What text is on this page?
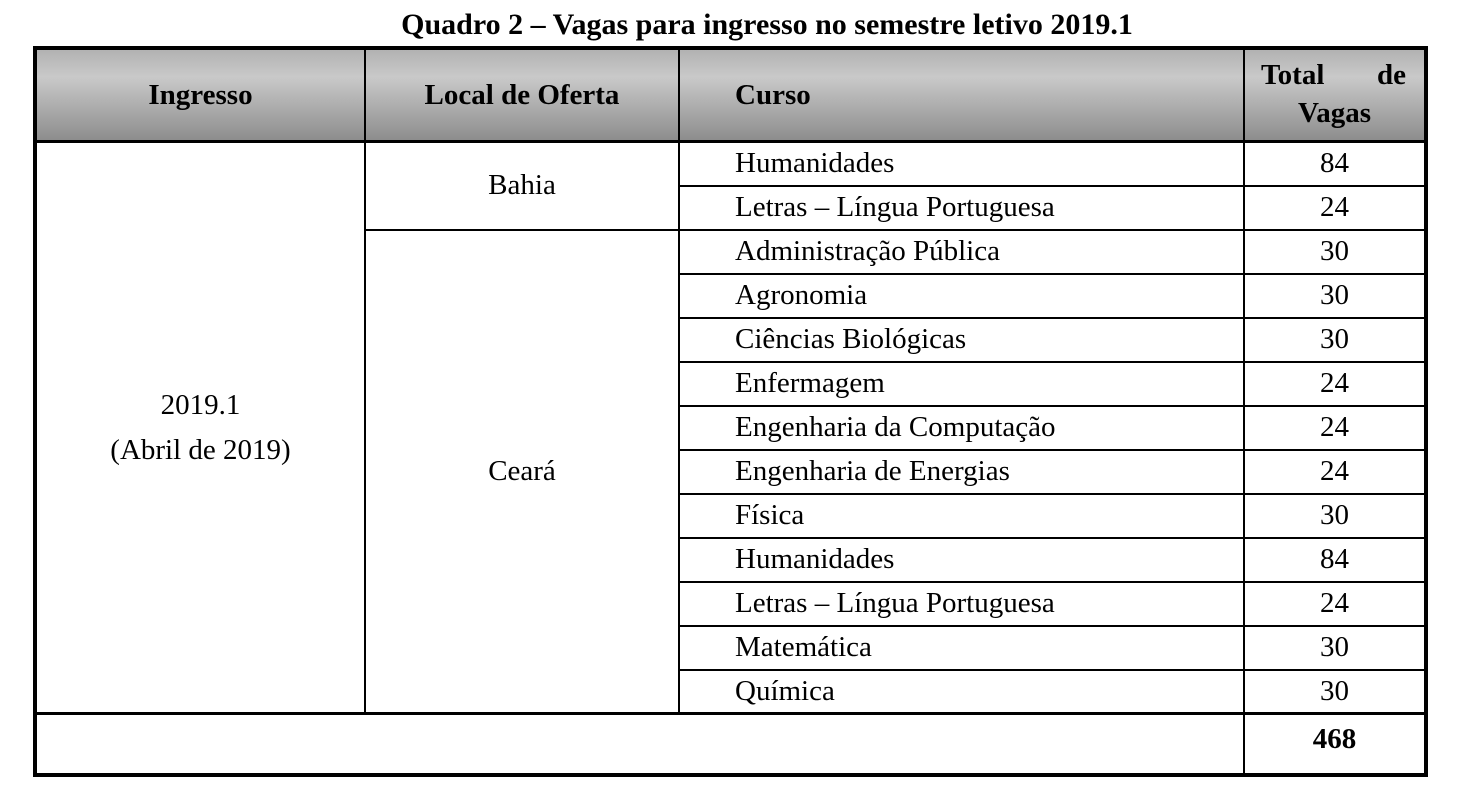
Quadro 2 – Vagas para ingresso no semestre letivo 2019.1
Ingresso	Local de Oferta	Curso	Total de
Vagas

2019.1
(Abril de 2019)	Bahia	Humanidades	84
		Letras – Língua Portuguesa	24
	Ceará	Administração Pública	30
		Agronomia	30
		Ciências Biológicas	30
		Enfermagem	24
		Engenharia da Computação	24
		Engenharia de Energias	24
		Física	30
		Humanidades	84
		Letras – Língua Portuguesa	24
		Matemática	30
		Química	30
			468
